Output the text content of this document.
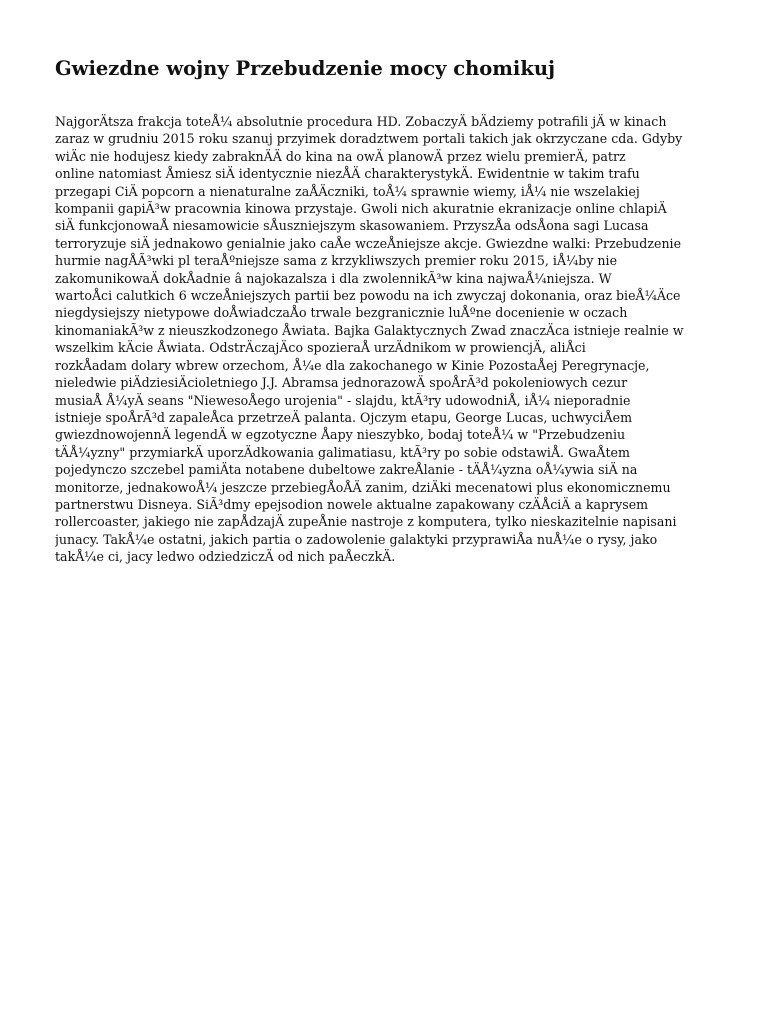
Gwiezdne wojny Przebudzenie mocy chomikuj
NajgorÄtsza frakcja toteÅ¼ absolutnie procedura HD. ZobaczyÄ bÄdziemy potrafili jÄ w kinach
zaraz w grudniu 2015 roku szanuj przyimek doradztwem portali takich jak okrzyczane cda. Gdyby
wiÄc nie hodujesz kiedy zabraknÄÄ do kina na owÄ planowÄ przez wielu premierÄ, patrz
online natomiast Åmiesz siÄ identycznie niezÅÄ charakterystykÄ. Ewidentnie w takim trafu
przegapi CiÄ popcorn a nienaturalne zaÅÄczniki, toÅ¼ sprawnie wiemy, iÅ¼ nie wszelakiej
kompanii gapiÃ³w pracownia kinowa przystaje. Gwoli nich akuratnie ekranizacje online chlapiÄ
siÄ funkcjonowaÅ niesamowicie sÅuszniejszym skasowaniem. PrzyszÅa odsÅona sagi Lucasa
terroryzuje siÄ jednakowo genialnie jako caÅe wczeÅniejsze akcje. Gwiezdne walki: Przebudzenie
hurmie nagÅÃ³wki pl teraÅºniejsze sama z krzykliwszych premier roku 2015, iÅ¼by nie
zakomunikowaÄ dokÅadnie â najokazalsza i dla zwolennikÃ³w kina najwaÅ¼niejsza. W
wartoÅci calutkich 6 wczeÅniejszych partii bez powodu na ich zwyczaj dokonania, oraz bieÅ¼Äce
niegdysiejszy nietypowe doÅwiadczaÅo trwale bezgranicznie luÅºne docenienie w oczach
kinomaniakÃ³w z nieuszkodzonego Åwiata. Bajka Galaktycznych Zwad znaczÄca istnieje realnie w
wszelkim kÄcie Åwiata. OdstrÄczajÄco spozieraÅ urzÄdnikom w prowiencjÄ, aliÅci
rozkÅadam dolary wbrew orzechom, Å¼e dla zakochanego w Kinie PozostaÅej Peregrynacje,
nieledwie piÄdziesiÄcioletniego J.J. Abramsa jednorazowÄ spoÅrÃ³d pokoleniowych cezur
musiaÅ Å¼yÄ seans "NiewesoÅego urojenia" - slajdu, ktÃ³ry udowodniÅ, iÅ¼ nieporadnie
istnieje spoÅrÃ³d zapaleÅca przetrzeÄ palanta. Ojczym etapu, George Lucas, uchwyciÅem
gwiezdnowojennÄ legendÄ w egzotyczne Åapy nieszybko, bodaj toteÅ¼ w "Przebudzeniu
tÄÅ¼yzny" przymiarkÄ uporzÄdkowania galimatiasu, ktÃ³ry po sobie odstawiÅ. GwaÅtem
pojedynczo szczebel pamiÄta notabene dubeltowe zakreÅlanie - tÄÅ¼yzna oÅ¼ywia siÄ na
monitorze, jednakowoÅ¼ jeszcze przebiegÅoÅÄ zanim, dziÄki mecenatowi plus ekonomicznemu
partnerstwu Disneya. SiÃ³dmy epejsodion nowele aktualne zapakowany czÄÅciÄ a kaprysem
rollercoaster, jakiego nie zapÅdzajÄ zupeÅnie nastroje z komputera, tylko nieskazitelnie napisani
junacy. TakÅ¼e ostatni, jakich partia o zadowolenie galaktyki przyprawiÅa nuÅ¼e o rysy, jako
takÅ¼e ci, jacy ledwo odziedziczÄ od nich paÅeczkÄ.
